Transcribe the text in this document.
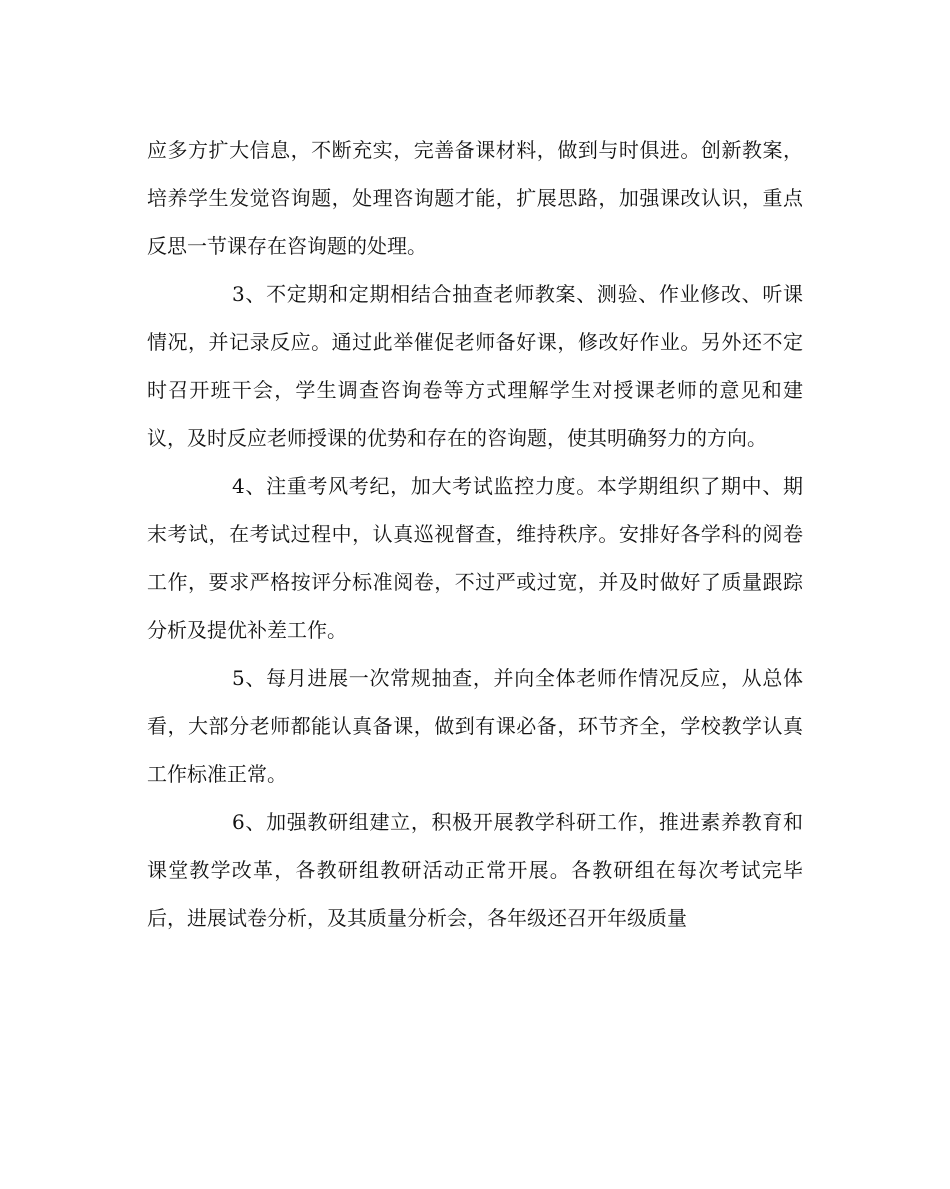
应多方扩大信息，不断充实，完善备课材料，做到与时俱进。创新教案，培养学生发觉咨询题，处理咨询题才能，扩展思路，加强课改认识，重点反思一节课存在咨询题的处理。

3、不定期和定期相结合抽查老师教案、测验、作业修改、听课情况，并记录反应。通过此举催促老师备好课，修改好作业。另外还不定时召开班干会，学生调查咨询卷等方式理解学生对授课老师的意见和建议，及时反应老师授课的优势和存在的咨询题，使其明确努力的方向。

4、注重考风考纪，加大考试监控力度。本学期组织了期中、期末考试，在考试过程中，认真巡视督查，维持秩序。安排好各学科的阅卷工作，要求严格按评分标准阅卷，不过严或过宽，并及时做好了质量跟踪分析及提优补差工作。

5、每月进展一次常规抽查，并向全体老师作情况反应，从总体看，大部分老师都能认真备课，做到有课必备，环节齐全，学校教学认真工作标准正常。

6、加强教研组建立，积极开展教学科研工作，推进素养教育和课堂教学改革，各教研组教研活动正常开展。各教研组在每次考试完毕后，进展试卷分析，及其质量分析会，各年级还召开年级质量
